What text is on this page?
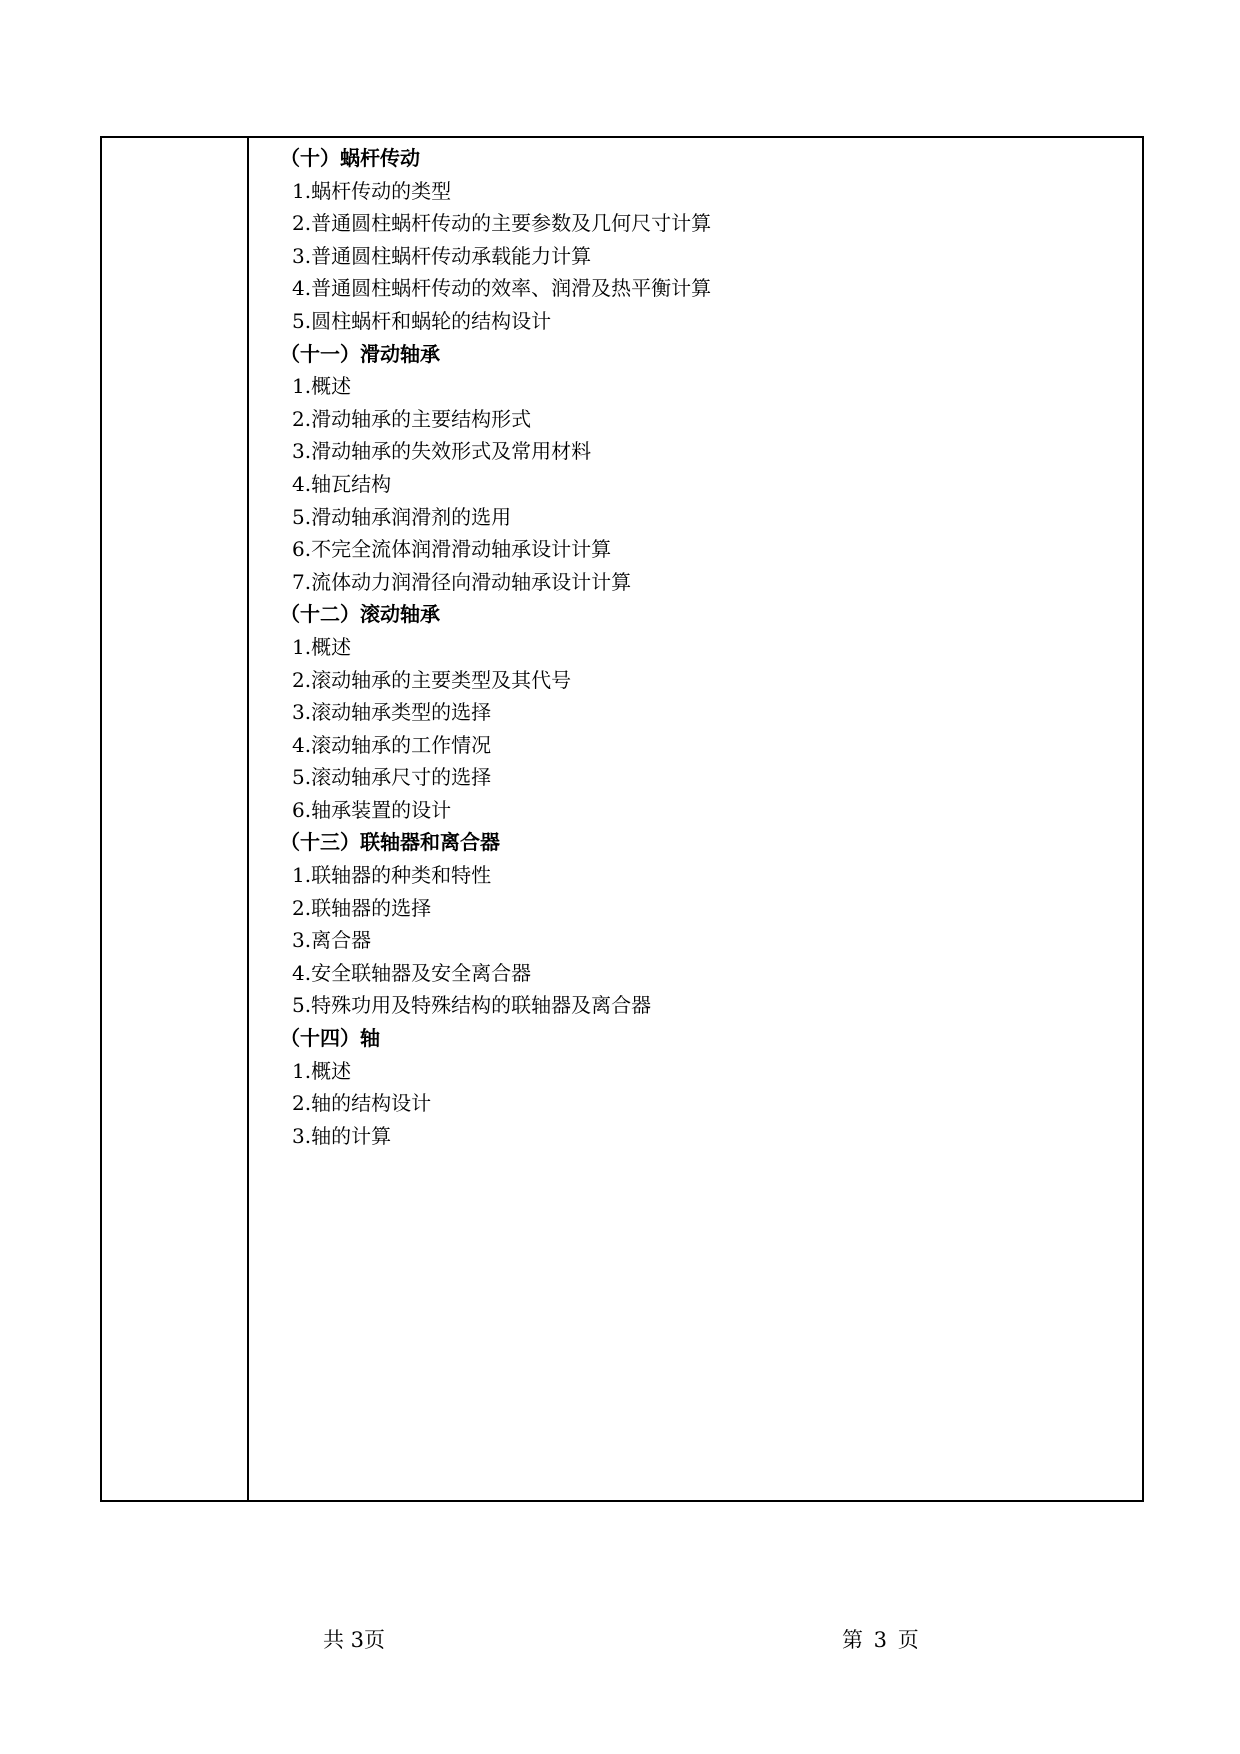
（十）蜗杆传动
1.蜗杆传动的类型
2.普通圆柱蜗杆传动的主要参数及几何尺寸计算
3.普通圆柱蜗杆传动承载能力计算
4.普通圆柱蜗杆传动的效率、润滑及热平衡计算
5.圆柱蜗杆和蜗轮的结构设计
（十一）滑动轴承
1.概述
2.滑动轴承的主要结构形式
3.滑动轴承的失效形式及常用材料
4.轴瓦结构
5.滑动轴承润滑剂的选用
6.不完全流体润滑滑动轴承设计计算
7.流体动力润滑径向滑动轴承设计计算
（十二）滚动轴承
1.概述
2.滚动轴承的主要类型及其代号
3.滚动轴承类型的选择
4.滚动轴承的工作情况
5.滚动轴承尺寸的选择
6.轴承装置的设计
（十三）联轴器和离合器
1.联轴器的种类和特性
2.联轴器的选择
3.离合器
4.安全联轴器及安全离合器
5.特殊功用及特殊结构的联轴器及离合器
（十四）轴
1.概述
2.轴的结构设计
3.轴的计算
共 3页	第 3 页
